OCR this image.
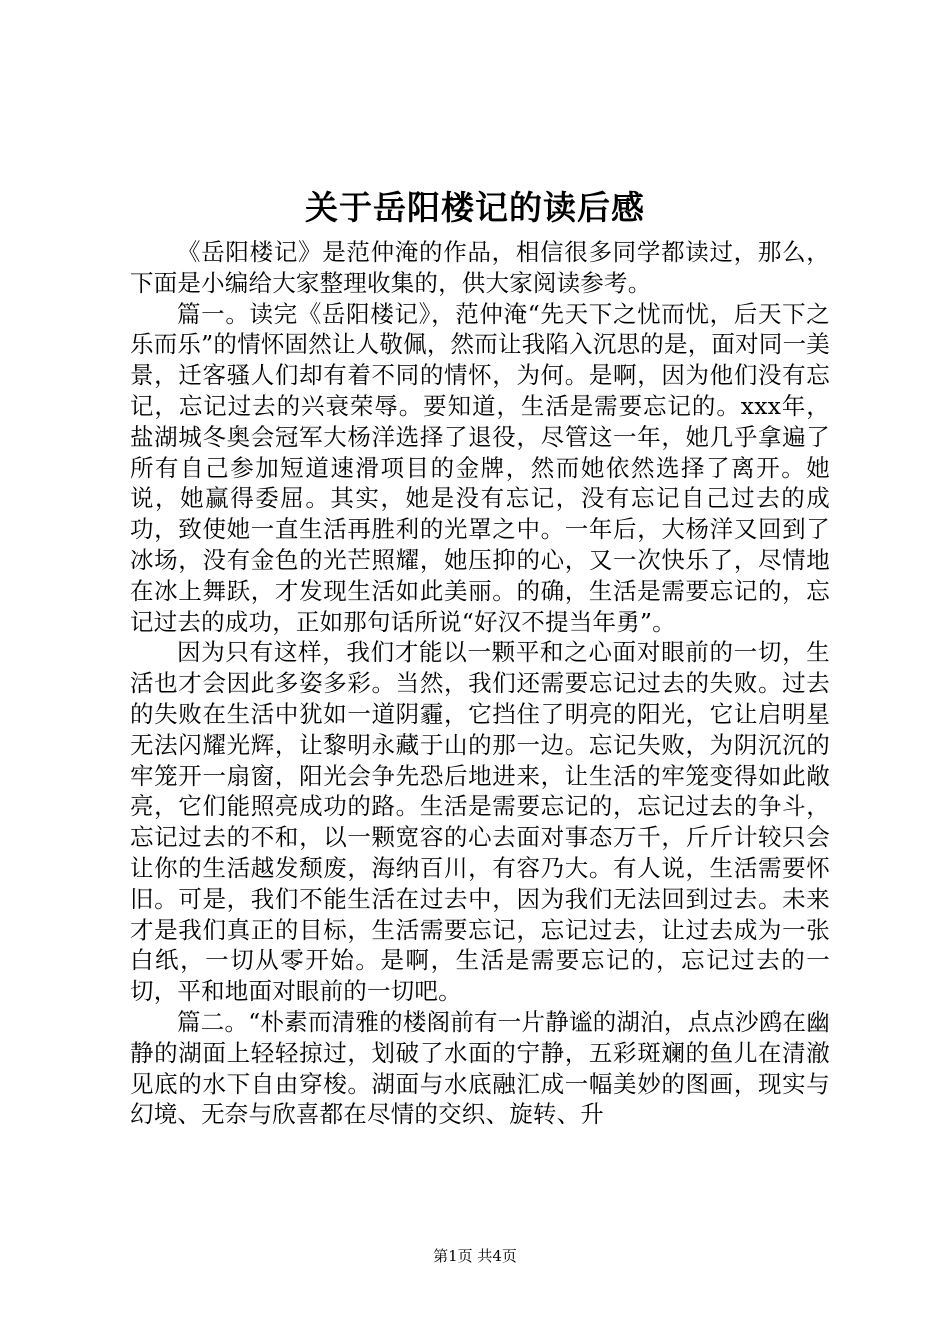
关于岳阳楼记的读后感

《岳阳楼记》是范仲淹的作品，相信很多同学都读过，那么，下面是小编给大家整理收集的，供大家阅读参考。

篇一。读完《岳阳楼记》，范仲淹“先天下之忧而忧，后天下之乐而乐”的情怀固然让人敬佩，然而让我陷入沉思的是，面对同一美景，迁客骚人们却有着不同的情怀，为何。是啊，因为他们没有忘记，忘记过去的兴衰荣辱。要知道，生活是需要忘记的。xxx年，盐湖城冬奥会冠军大杨洋选择了退役，尽管这一年，她几乎拿遍了所有自己参加短道速滑项目的金牌，然而她依然选择了离开。她说，她赢得委屈。其实，她是没有忘记，没有忘记自己过去的成功，致使她一直生活再胜利的光罩之中。一年后，大杨洋又回到了冰场，没有金色的光芒照耀，她压抑的心，又一次快乐了，尽情地在冰上舞跃，才发现生活如此美丽。的确，生活是需要忘记的，忘记过去的成功，正如那句话所说“好汉不提当年勇”。

因为只有这样，我们才能以一颗平和之心面对眼前的一切，生活也才会因此多姿多彩。当然，我们还需要忘记过去的失败。过去的失败在生活中犹如一道阴霾，它挡住了明亮的阳光，它让启明星无法闪耀光辉，让黎明永藏于山的那一边。忘记失败，为阴沉沉的牢笼开一扇窗，阳光会争先恐后地进来，让生活的牢笼变得如此敞亮，它们能照亮成功的路。生活是需要忘记的，忘记过去的争斗，忘记过去的不和，以一颗宽容的心去面对事态万千，斤斤计较只会让你的生活越发颓废，海纳百川，有容乃大。有人说，生活需要怀旧。可是，我们不能生活在过去中，因为我们无法回到过去。未来才是我们真正的目标，生活需要忘记，忘记过去，让过去成为一张白纸，一切从零开始。是啊，生活是需要忘记的，忘记过去的一切，平和地面对眼前的一切吧。

篇二。“朴素而清雅的楼阁前有一片静谧的湖泊，点点沙鸥在幽静的湖面上轻轻掠过，划破了水面的宁静，五彩斑斓的鱼儿在清澈见底的水下自由穿梭。湖面与水底融汇成一幅美妙的图画，现实与幻境、无奈与欣喜都在尽情的交织、旋转、升

第1页 共4页
